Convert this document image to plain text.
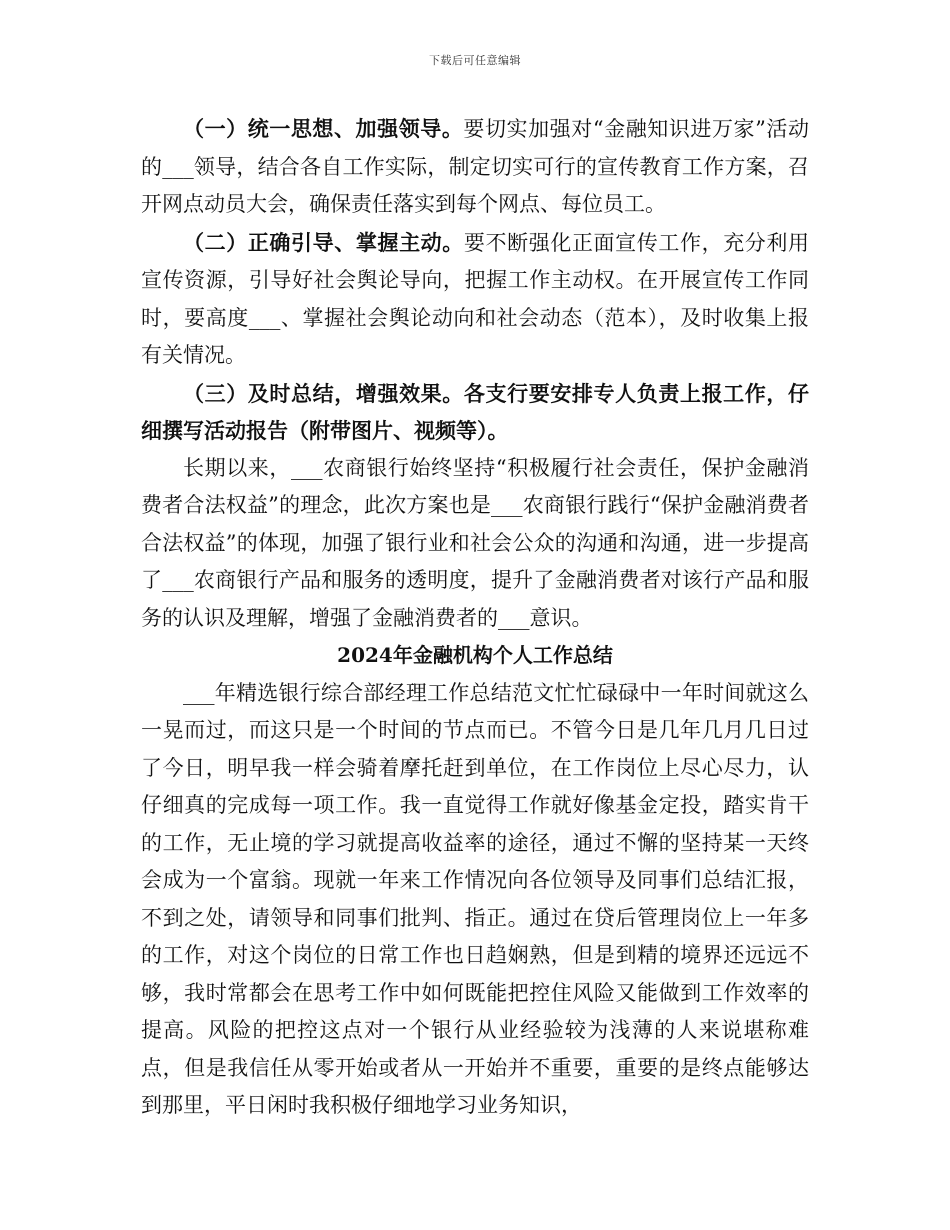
下载后可任意编辑

（一）统一思想、加强领导。要切实加强对“金融知识进万家”活动的___领导，结合各自工作实际，制定切实可行的宣传教育工作方案，召开网点动员大会，确保责任落实到每个网点、每位员工。

（二）正确引导、掌握主动。要不断强化正面宣传工作，充分利用宣传资源，引导好社会舆论导向，把握工作主动权。在开展宣传工作同时，要高度___、掌握社会舆论动向和社会动态（范本），及时收集上报有关情况。

（三）及时总结，增强效果。各支行要安排专人负责上报工作，仔细撰写活动报告（附带图片、视频等）。

长期以来，___农商银行始终坚持“积极履行社会责任，保护金融消费者合法权益”的理念，此次方案也是___农商银行践行“保护金融消费者合法权益”的体现，加强了银行业和社会公众的沟通和沟通，进一步提高了___农商银行产品和服务的透明度，提升了金融消费者对该行产品和服务的认识及理解，增强了金融消费者的___意识。

2024年金融机构个人工作总结

___年精选银行综合部经理工作总结范文忙忙碌碌中一年时间就这么一晃而过，而这只是一个时间的节点而已。不管今日是几年几月几日过了今日，明早我一样会骑着摩托赶到单位，在工作岗位上尽心尽力，认仔细真的完成每一项工作。我一直觉得工作就好像基金定投，踏实肯干的工作，无止境的学习就提高收益率的途径，通过不懈的坚持某一天终会成为一个富翁。现就一年来工作情况向各位领导及同事们总结汇报，不到之处，请领导和同事们批判、指正。通过在贷后管理岗位上一年多的工作，对这个岗位的日常工作也日趋娴熟，但是到精的境界还远远不够，我时常都会在思考工作中如何既能把控住风险又能做到工作效率的提高。风险的把控这点对一个银行从业经验较为浅薄的人来说堪称难点，但是我信任从零开始或者从一开始并不重要，重要的是终点能够达到那里，平日闲时我积极仔细地学习业务知识，
